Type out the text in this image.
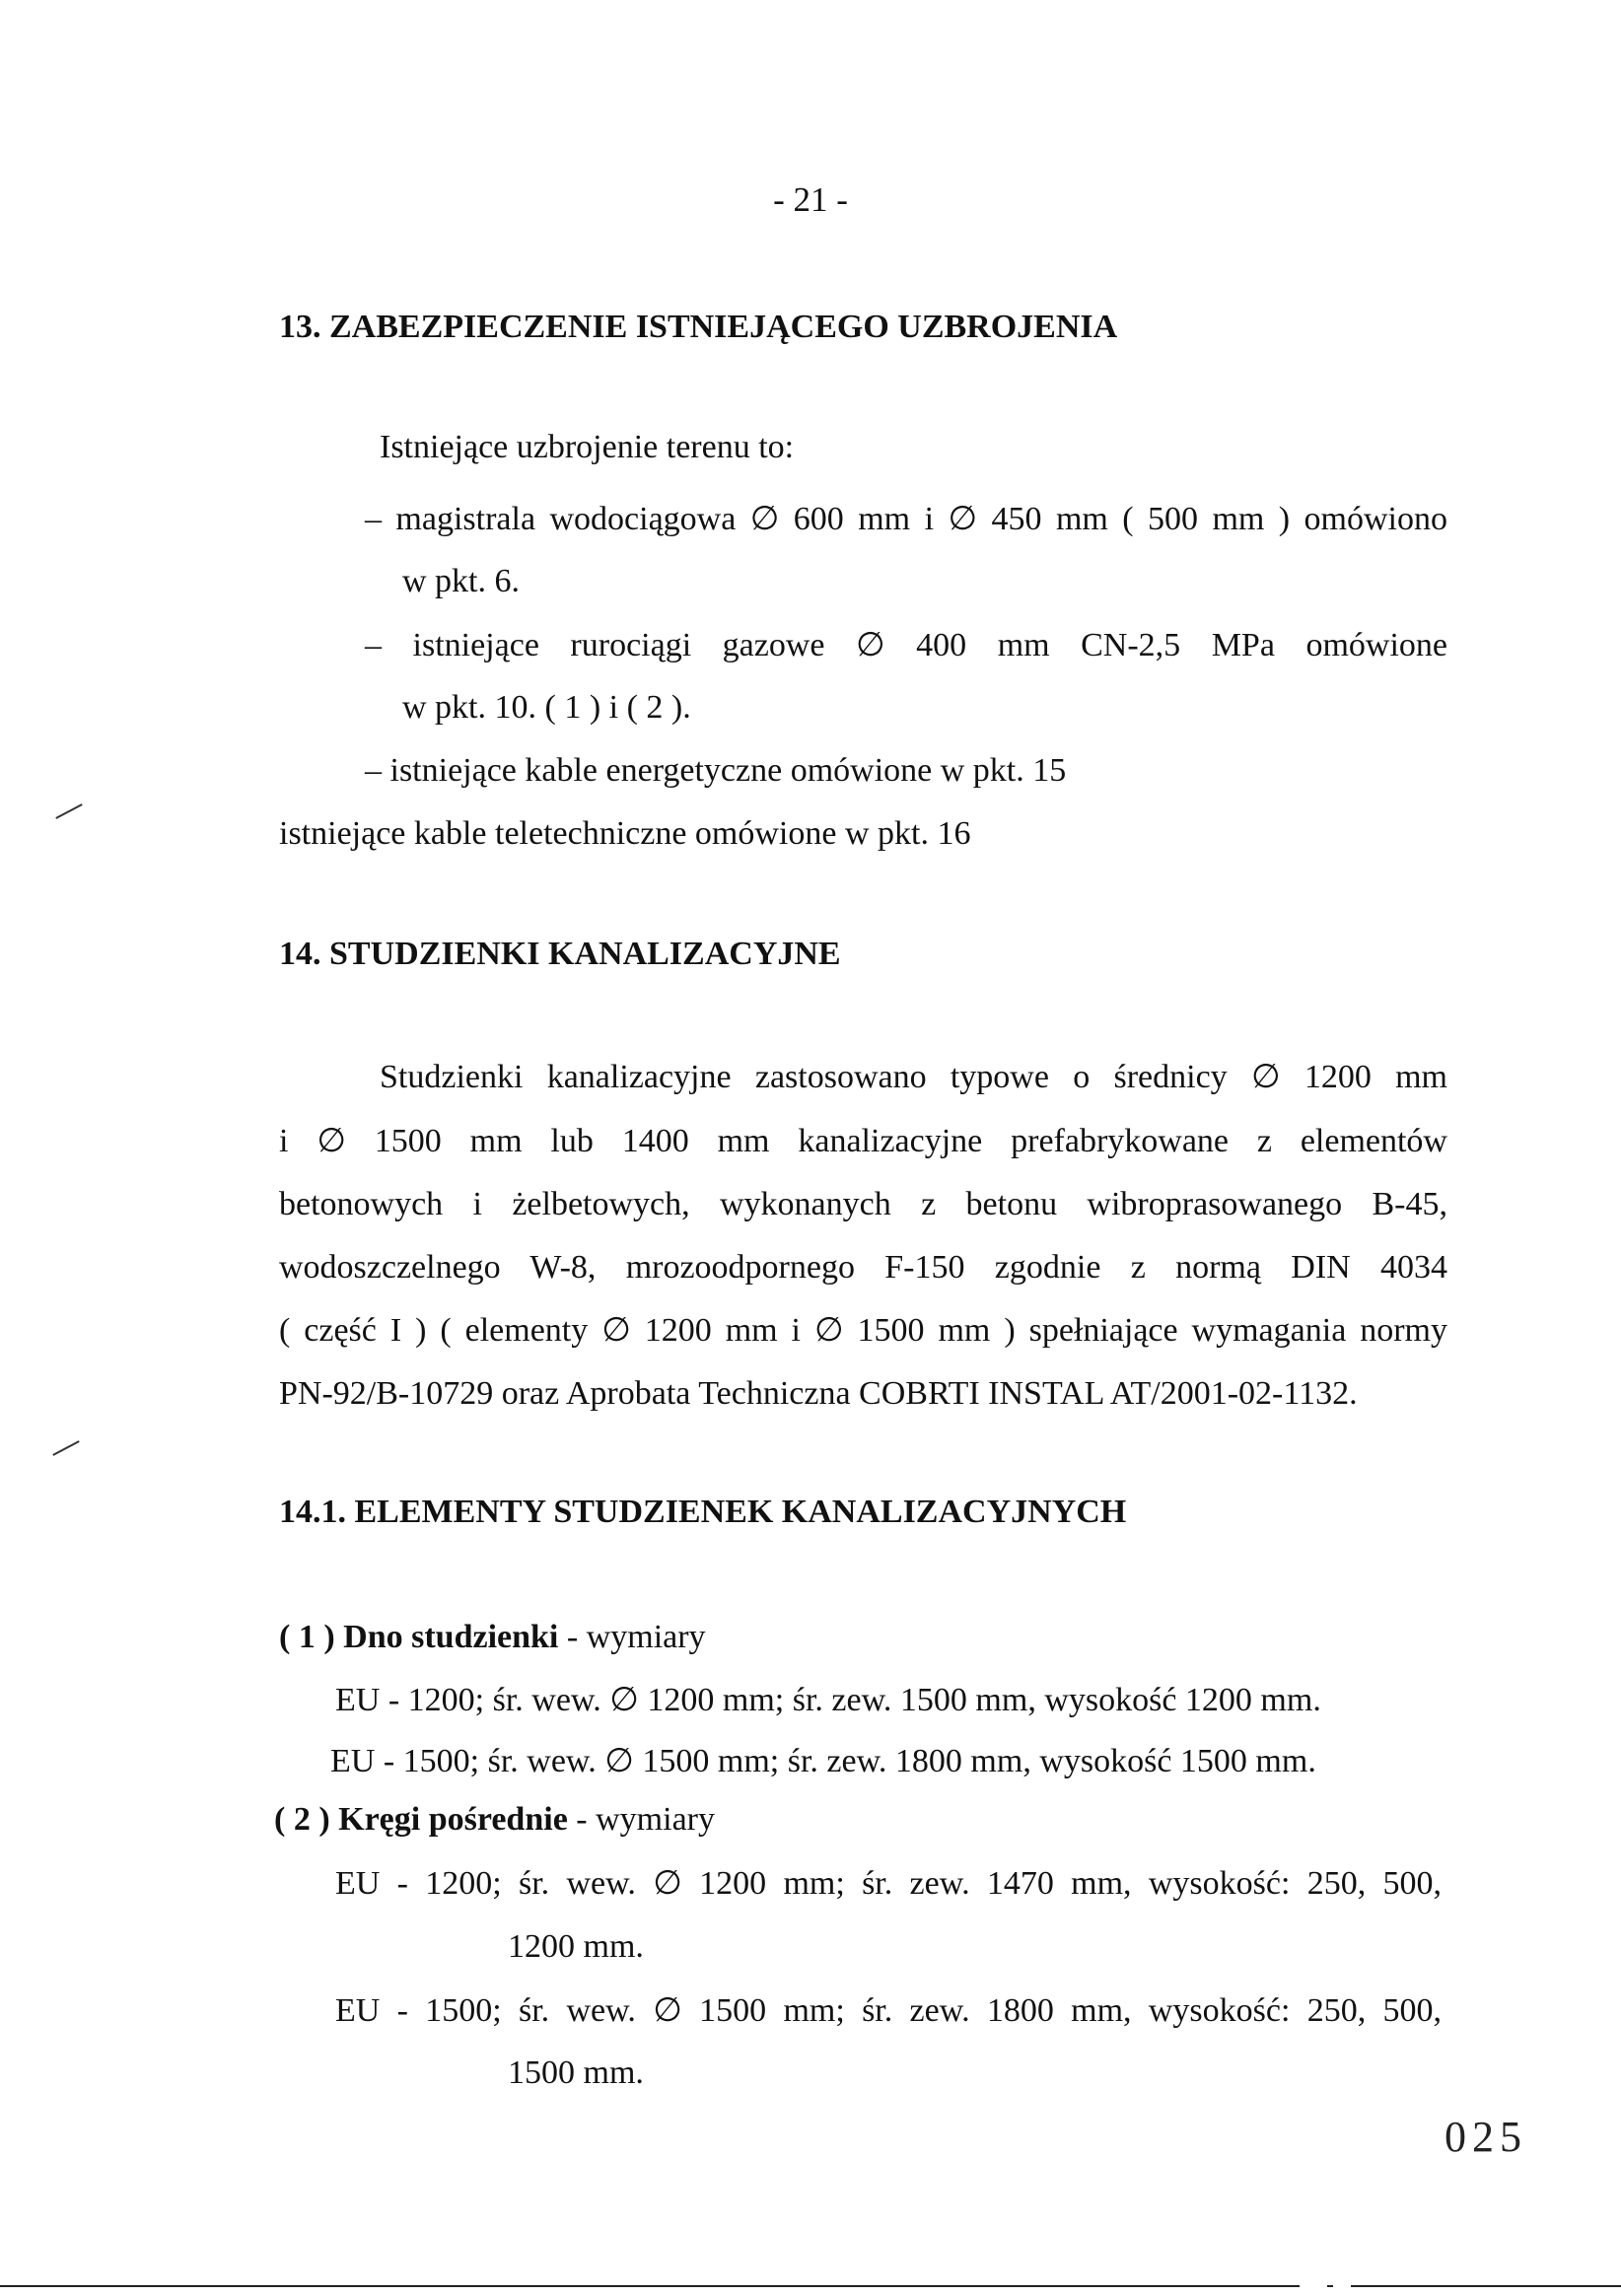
- 21 -
13. ZABEZPIECZENIE ISTNIEJĄCEGO UZBROJENIA
Istniejące uzbrojenie terenu to:
– magistrala wodociągowa ∅ 600 mm i ∅ 450 mm ( 500 mm ) omówiono
w pkt. 6.
– istniejące rurociągi gazowe ∅ 400 mm CN-2,5 MPa omówione
w pkt. 10. ( 1 ) i ( 2 ).
– istniejące kable energetyczne omówione w pkt. 15
istniejące kable teletechniczne omówione w pkt. 16
14. STUDZIENKI KANALIZACYJNE
Studzienki kanalizacyjne zastosowano typowe o średnicy ∅ 1200 mm
i ∅ 1500 mm lub 1400 mm kanalizacyjne prefabrykowane z elementów
betonowych i żelbetowych, wykonanych z betonu wibroprasowanego B-45,
wodoszczelnego W-8, mrozoodpornego F-150 zgodnie z normą DIN 4034
( część I ) ( elementy ∅ 1200 mm i ∅ 1500 mm ) spełniające wymagania normy
PN-92/B-10729 oraz Aprobata Techniczna COBRTI INSTAL AT/2001-02-1132.
14.1. ELEMENTY STUDZIENEK KANALIZACYJNYCH
( 1 ) Dno studzienki - wymiary
EU - 1200; śr. wew. ∅ 1200 mm; śr. zew. 1500 mm, wysokość 1200 mm.
EU - 1500; śr. wew. ∅ 1500 mm; śr. zew. 1800 mm, wysokość 1500 mm.
( 2 ) Kręgi pośrednie - wymiary
EU - 1200; śr. wew. ∅ 1200 mm; śr. zew. 1470 mm, wysokość: 250, 500,
1200 mm.
EU - 1500; śr. wew. ∅ 1500 mm; śr. zew. 1800 mm, wysokość: 250, 500,
1500 mm.
025
